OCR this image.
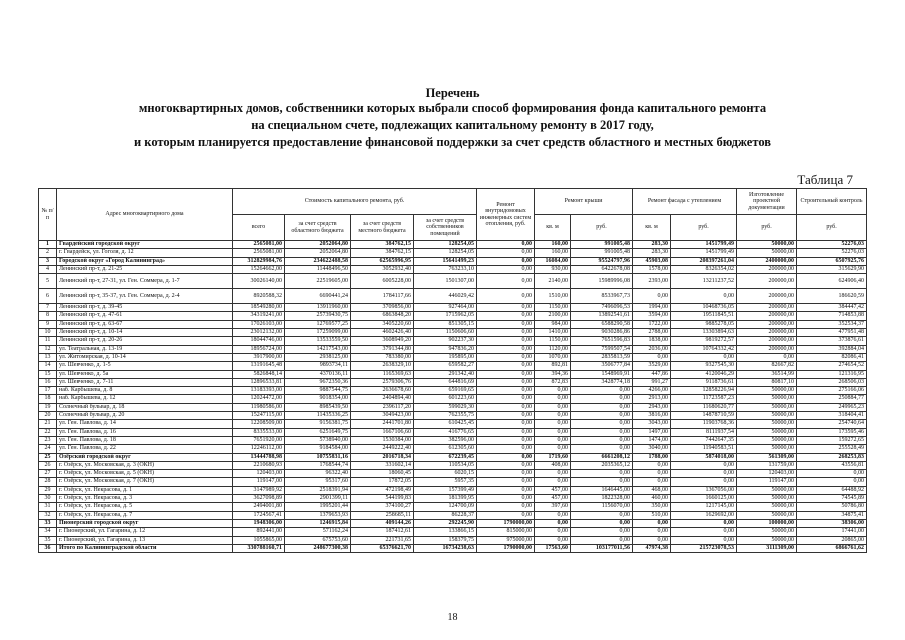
Перечень
многоквартирных домов, собственники которых выбрали способ формирования фонда капитального ремонта
на специальном счете, подлежащих капитальному ремонту в 2017 году,
и которым планируется предоставление финансовой поддержки за счет средств областного и местных бюджетов
Таблица 7
№ п/п	Адрес многоквартирного дома	Стоимость капитального ремонта, руб.				Ремонт внутридомовых инженерных систем отопления, руб.	Ремонт крыши		Ремонт фасада с утеплением		Изготовление проектной документации	Строительный контроль
		всего	за счет средств областного бюджета	за счет средств местного бюджета	за счет средств собственников помещений		кв. м	руб.	кв. м	руб.	руб.	руб.
1	Гвардейский городской округ	2565081,00	2052064,80	384762,15	128254,05	0,00	160,00	991005,48	283,30	1451799,49	50000,00	52276,03
2	г. Гвардейск, ул. Гоголя, д. 12	2565081,00	2052064,80	384762,15	128254,05	0,00	160,00	991005,48	283,30	1451799,49	50000,00	52276,03
3	Городской округ «Город Калининград»	312829984,76	234622488,58	62565996,95	15641499,23	0,00	16084,00	95524797,96	45903,08	208397261,04	2400000,00	6507925,76
4	Ленинский пр-т, д. 21-25	15264662,00	11448496,50	3052932,40	763233,10	0,00	930,00	6422678,08	1578,00	8326354,02	200000,00	315629,90
5	Ленинский пр-т, 27-31, ул. Ген. Соммера, д. 1-7	30026140,00	22519605,00	6005228,00	1501307,00	0,00	2140,00	15989996,08	2393,00	13211237,52	200000,00	624906,40
6	Ленинский пр-т, 35-37, ул. Ген. Соммера, д. 2-4	8920588,32	6690441,24	1784117,66	446029,42	0,00	1510,00	8533967,73	0,00	0,00	200000,00	186620,59
7	Ленинский пр-т, д. 39-45	18549280,00	13911960,00	3709856,00	927464,00	0,00	1150,00	7496096,53	1994,00	10468736,05	200000,00	384447,42
8	Ленинский пр-т, д. 47-61	34319241,00	25739430,75	6863848,20	1715962,05	0,00	2100,00	13892541,61	3594,00	19511845,51	200000,00	714853,88
9	Ленинский пр-т, д. 63-67	17026103,00	12769577,25	3405220,60	851305,15	0,00	984,00	6588290,58	1722,00	9885278,05	200000,00	352534,37
10	Ленинский пр-т, д. 10-14	23012132,00	17259099,00	4602426,40	1150606,60	0,00	1410,00	9030286,86	2788,00	13303894,63	200000,00	477951,48
11	Ленинский пр-т, д. 20-26	18044746,00	13533559,50	3608949,20	902237,30	0,00	1150,00	7651596,83	1838,00	9819272,57	200000,00	373876,61
12	ул. Театральная, д. 13-19	18956724,00	14217543,00	3791344,80	947836,20	0,00	1120,00	7599507,54	2036,00	10764332,42	200000,00	392884,04
13	ул. Житомирская, д. 10-14	3917900,00	2938125,00	783380,00	195895,00	0,00	1070,00	2835813,59	0,00	0,00	0,00	82086,41
14	ул. Шевченко, д. 1-5	13191645,48	9893734,11	2638329,10	659582,27	0,00	892,81	3506777,84	3529,00	9327545,30	82667,82	274654,52
15	ул. Шевченко, д. 5а	5826848,14	4370136,11	1165369,63	291342,40	0,00	394,36	1548969,91	447,86	4120046,29	36514,99	121316,95
16	ул. Шевченко, д. 7-11	12896533,81	9672350,36	2579306,76	644816,69	0,00	872,83	3428774,18	991,27	9118736,61	80817,10	268506,03
17	наб. Карбышева, д. 8	13183393,00	9887544,75	2636678,60	659169,65	0,00	0,00	0,00	4266,00	12858226,94	50000,00	275166,06
18	наб. Карбышева, д. 12	12024472,00	9018354,00	2404894,40	601223,60	0,00	0,00	0,00	2913,00	11723587,23	50000,00	250884,77
19	Солнечный бульвар, д. 18	11980586,00	8985439,50	2396117,20	599029,30	0,00	0,00	0,00	2943,00	11680620,77	50000,00	249965,23
20	Солнечный бульвар, д. 20	15247115,00	11435336,25	3049423,00	762355,75	0,00	0,00	0,00	3816,00	14878710,59	50000,00	318404,41
21	ул. Ген. Павлова, д. 14	12208509,00	9156381,75	2441701,80	610425,45	0,00	0,00	0,00	3043,00	11903768,36	50000,00	254740,64
22	ул. Ген. Павлова, д. 16	8335533,00	6251649,75	1667106,60	416776,65	0,00	0,00	0,00	1497,00	8111937,54	50000,00	173595,46
23	ул. Ген. Павлова, д. 18	7651920,00	5738940,00	1530384,00	382596,00	0,00	0,00	0,00	1474,00	7442647,35	50000,00	159272,65
24	ул. Ген. Павлова, д. 22	12246112,00	9184584,00	2449222,40	612305,60	0,00	0,00	0,00	3040,00	11940583,51	50000,00	255528,49
25	Озёрский городской округ	13444788,98	10755831,16	2016718,34	672239,45	0,00	1719,60	6661208,12	1788,00	5874018,00	561309,00	268253,83
26	г. Озёрск, ул. Московская, д. 3 (ОКН)	2210680,93	1768544,74	331602,14	110534,05	0,00	408,00	2035365,12	0,00	0,00	131759,00	43556,81
27	г. Озёрск, ул. Московская, д. 5 (ОКН)	120403,00	96322,40	18060,45	6020,15	0,00	0,00	0,00	0,00	0,00	120403,00	0,00
28	г. Озёрск, ул. Московская, д. 7 (ОКН)	119147,00	95317,60	17872,05	5957,35	0,00	0,00	0,00	0,00	0,00	119147,00	0,00
29	г. Озёрск, ул. Некрасова, д. 1	3147989,92	2518391,94	472198,49	157399,49	0,00	457,00	1646445,00	468,00	1367056,00	50000,00	64488,92
30	г. Озёрск, ул. Некрасова, д. 3	3627098,89	2901399,11	544199,83	181399,95	0,00	457,00	1822328,00	460,00	1660125,00	50000,00	74545,89
31	г. Озёрск, ул. Некрасова, д. 5	2494001,80	1995201,44	374100,27	124700,09	0,00	397,60	1156070,00	350,00	1217145,00	50000,00	50786,80
32	г. Озёрск, ул. Некрасова, д. 7	1724567,41	1379653,93	258685,11	86228,37	0,00	0,00	0,00	510,00	1629692,00	50000,00	34875,41
33	Пионерский городской округ	1948306,00	1246915,84	409144,26	292245,90	1790000,00	0,00	0,00	0,00	0,00	100000,00	38306,00
34	г. Пионерский, ул. Гагарина, д. 12	892441,00	571162,24	187412,61	133866,15	815000,00	0,00	0,00	0,00	0,00	50000,00	17441,00
35	г. Пионерский, ул. Гагарина, д. 13	1055865,00	675753,60	221731,65	158379,75	975000,00	0,00	0,00	0,00	0,00	50000,00	20865,00
36	Итого по Калининградской области	330788160,71	248677300,38	65376621,70	16734238,63	1790000,00	17563,60	103177011,56	47974,38	215723078,53	3111309,00	6866761,62
18
